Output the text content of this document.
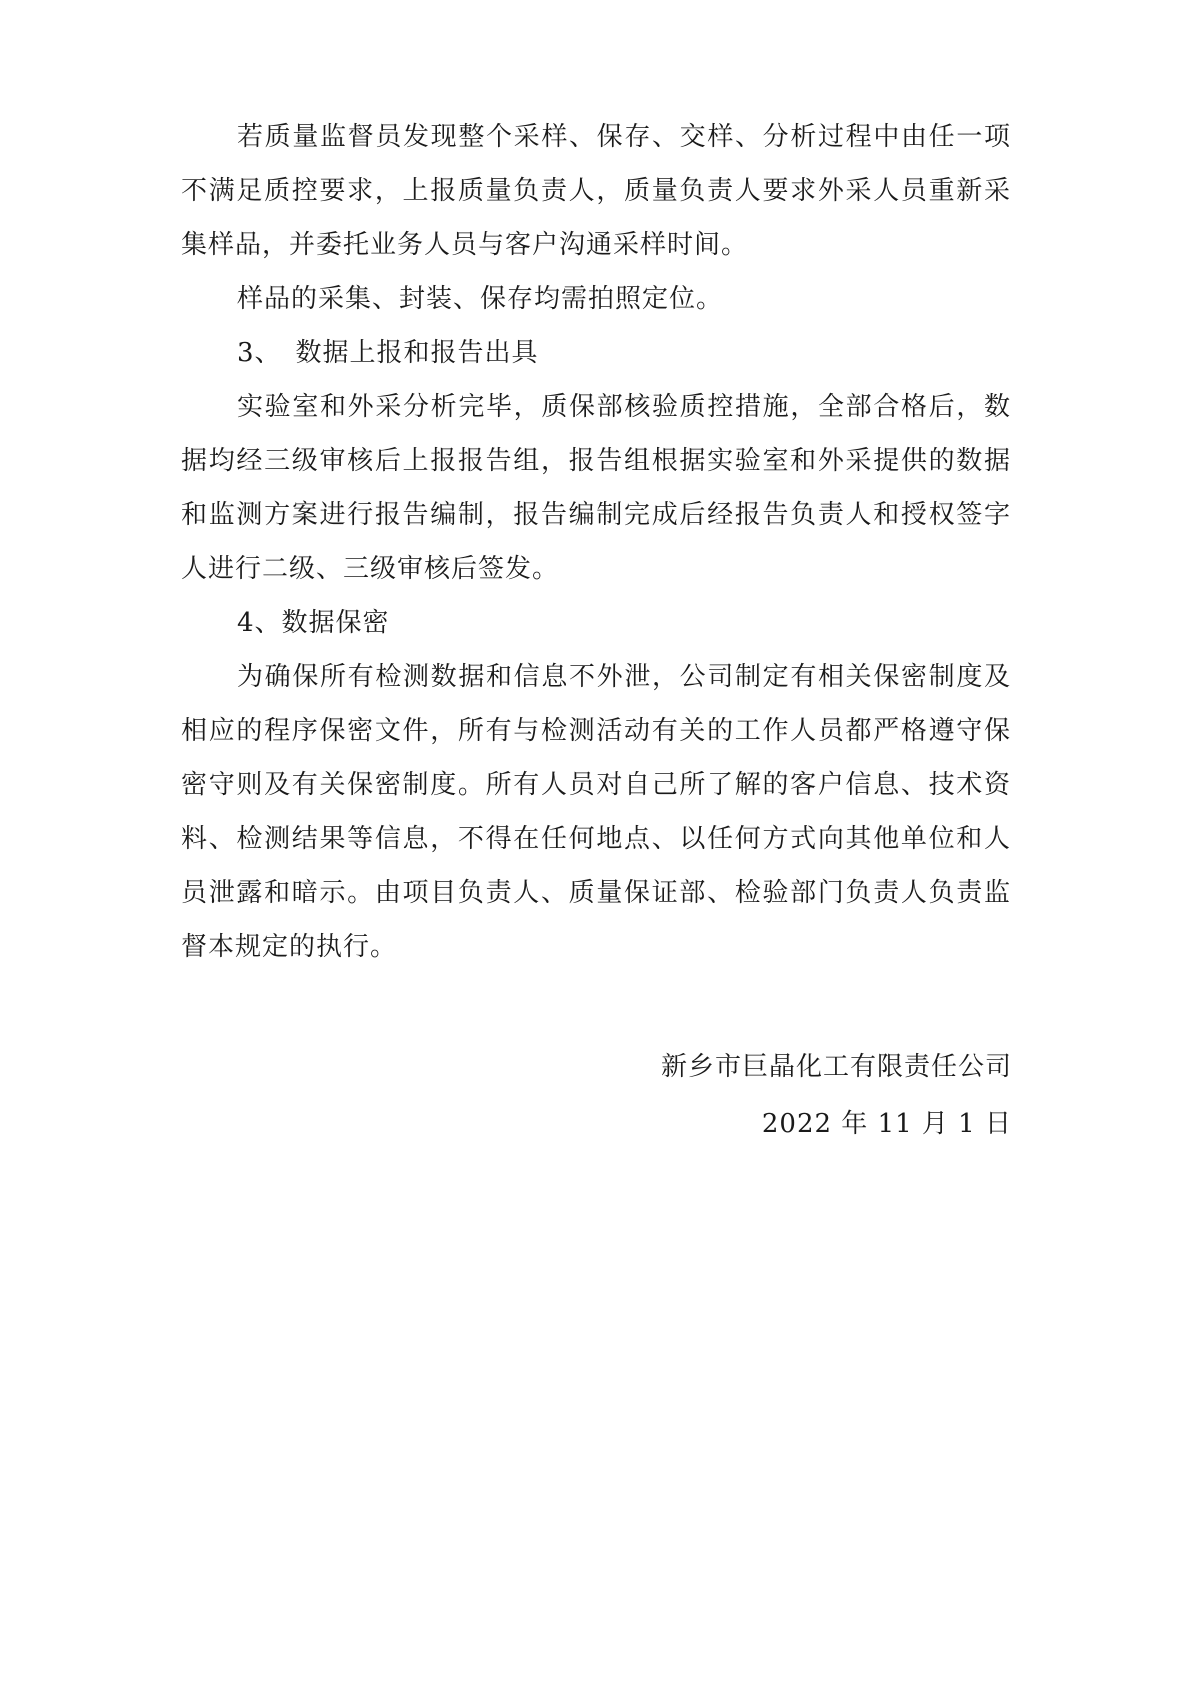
若质量监督员发现整个采样、保存、交样、分析过程中由任一项不满足质控要求，上报质量负责人，质量负责人要求外采人员重新采集样品，并委托业务人员与客户沟通采样时间。

样品的采集、封装、保存均需拍照定位。

3、　数据上报和报告出具

实验室和外采分析完毕，质保部核验质控措施，全部合格后，数据均经三级审核后上报报告组，报告组根据实验室和外采提供的数据和监测方案进行报告编制，报告编制完成后经报告负责人和授权签字人进行二级、三级审核后签发。

4、数据保密

为确保所有检测数据和信息不外泄，公司制定有相关保密制度及相应的程序保密文件，所有与检测活动有关的工作人员都严格遵守保密守则及有关保密制度。所有人员对自己所了解的客户信息、技术资料、检测结果等信息，不得在任何地点、以任何方式向其他单位和人员泄露和暗示。由项目负责人、质量保证部、检验部门负责人负责监督本规定的执行。

新乡市巨晶化工有限责任公司
2022 年 11 月 1 日
